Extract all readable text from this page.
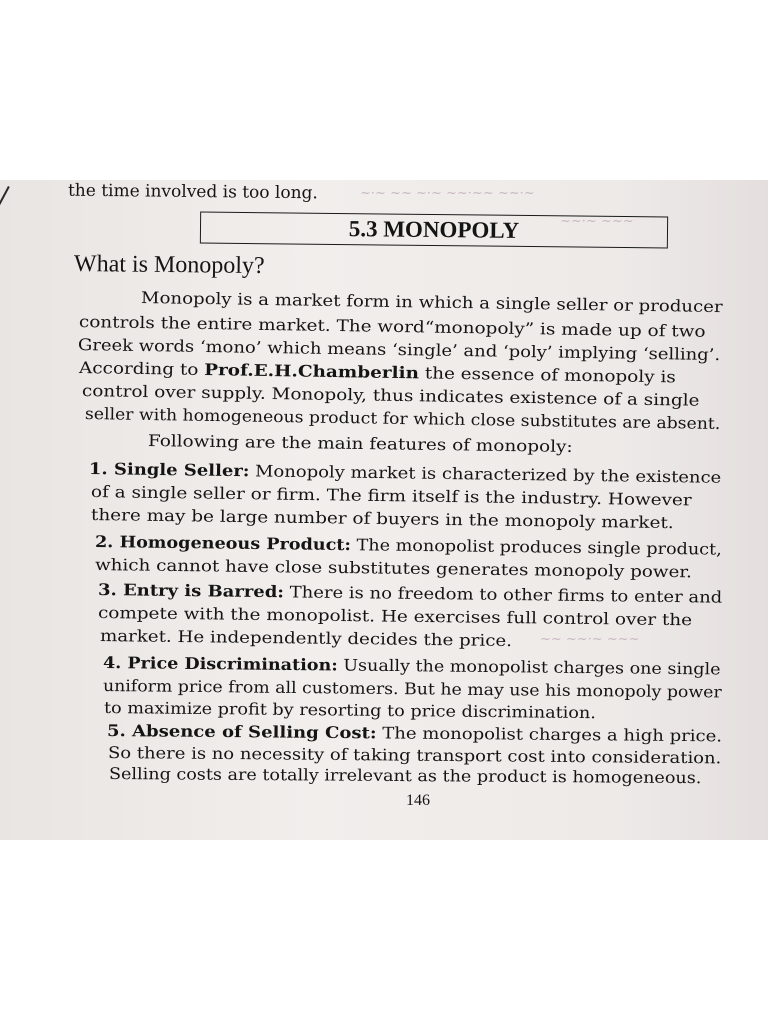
~·~ ~~ ~·~ ~~·~~ ~~·~
~~·~ ~~~
~~ ~~·~ ~~~
the time involved is too long.
5.3 MONOPOLY
What is Monopoly?
Monopoly is a market form in which a single seller or producer
controls the entire market. The word“monopoly” is made up of two
Greek words ‘mono’ which means ‘single’ and ‘poly’ implying ‘selling’.
According to Prof.E.H.Chamberlin the essence of monopoly is
control over supply. Monopoly, thus indicates existence of a single
seller with homogeneous product for which close substitutes are absent.
Following are the main features of monopoly:
1. Single Seller: Monopoly market is characterized by the existence
of a single seller or firm. The firm itself is the industry. However
there may be large number of buyers in the monopoly market.
2. Homogeneous Product: The monopolist produces single product,
which cannot have close substitutes generates monopoly power.
3. Entry is Barred: There is no freedom to other firms to enter and
compete with the monopolist. He exercises full control over the
market. He independently decides the price.
4. Price Discrimination: Usually the monopolist charges one single
uniform price from all customers. But he may use his monopoly power
to maximize profit by resorting to price discrimination.
5. Absence of Selling Cost: The monopolist charges a high price.
So there is no necessity of taking transport cost into consideration.
Selling costs are totally irrelevant as the product is homogeneous.
146
